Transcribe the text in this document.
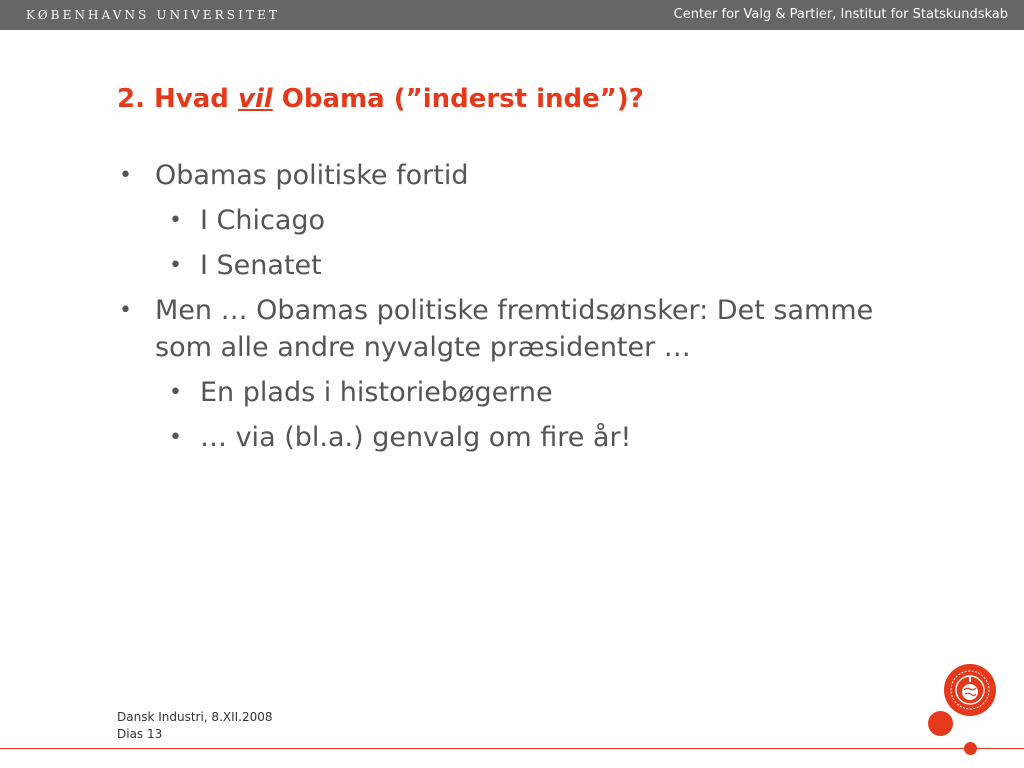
KØBENHAVNS UNIVERSITET	Center for Valg & Partier, Institut for Statskundskab
2. Hvad vil Obama (”inderst inde”)?
• Obamas politiske fortid
• I Chicago
• I Senatet
• Men … Obamas politiske fremtidsønsker: Det samme som alle andre nyvalgte præsidenter …
• En plads i historiebøgerne
• … via (bl.a.) genvalg om fire år!
Dansk Industri, 8.XII.2008
Dias 13
